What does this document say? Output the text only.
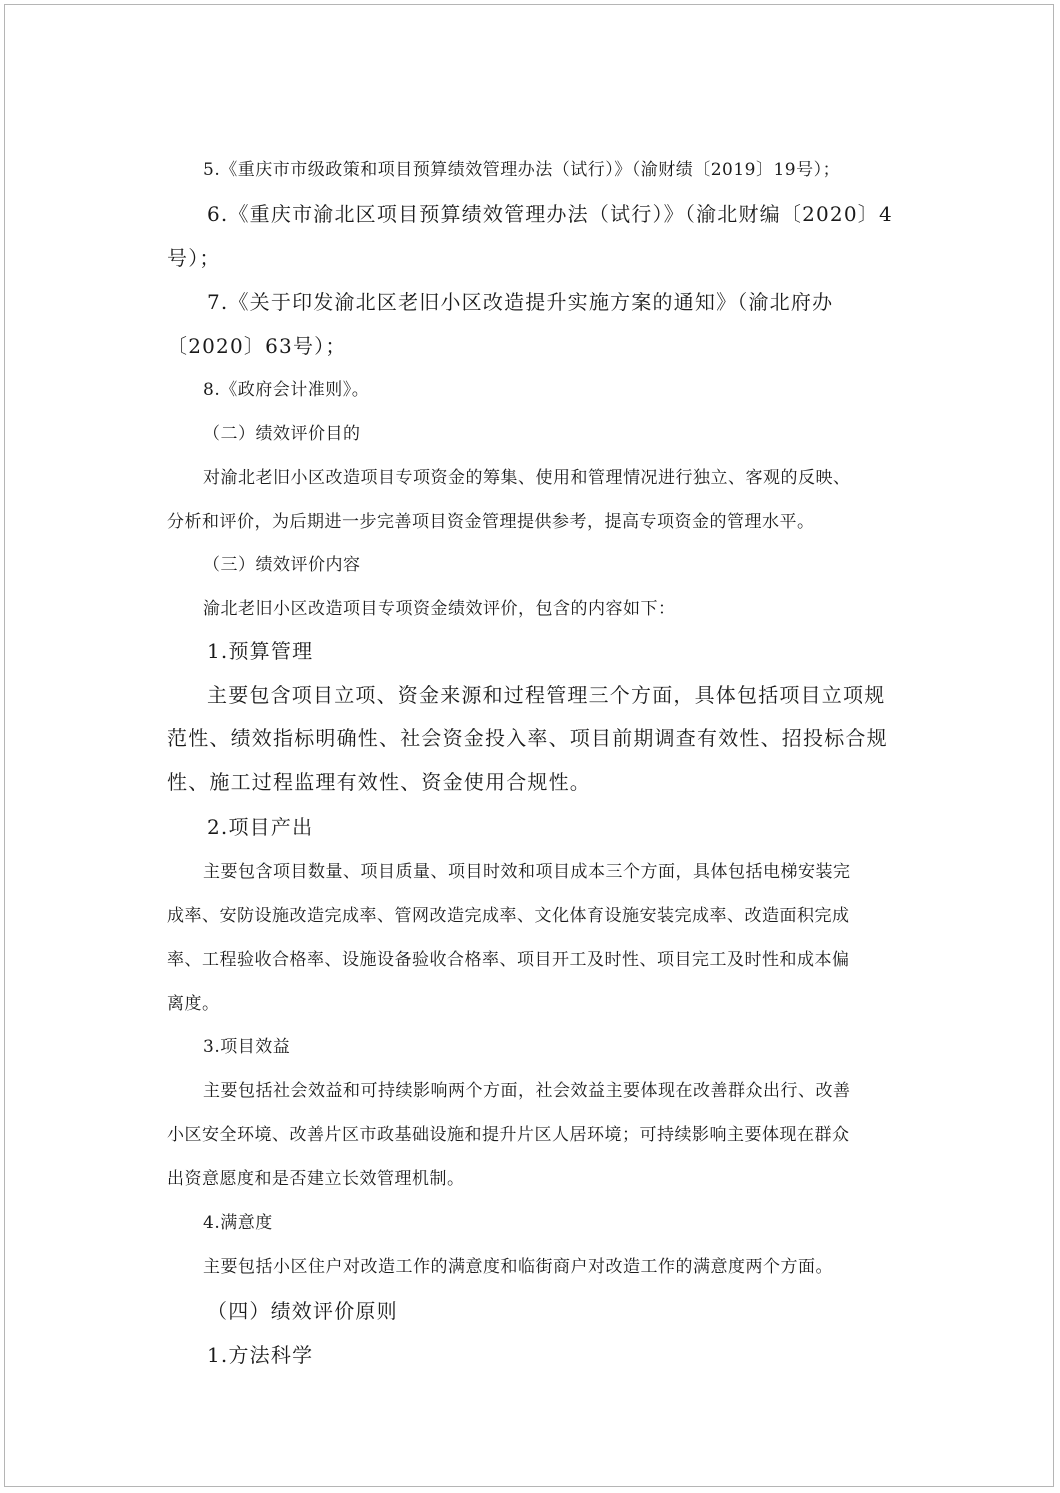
5.《重庆市市级政策和项目预算绩效管理办法（试行）》（渝财绩〔2019〕19号）；

6.《重庆市渝北区项目预算绩效管理办法（试行）》（渝北财编〔2020〕4

号）；

7.《关于印发渝北区老旧小区改造提升实施方案的通知》（渝北府办

〔2020〕63号）；

8.《政府会计准则》。

（二）绩效评价目的

对渝北老旧小区改造项目专项资金的筹集、使用和管理情况进行独立、客观的反映、

分析和评价，为后期进一步完善项目资金管理提供参考，提高专项资金的管理水平。

（三）绩效评价内容

渝北老旧小区改造项目专项资金绩效评价，包含的内容如下：

1.预算管理

主要包含项目立项、资金来源和过程管理三个方面，具体包括项目立项规

范性、绩效指标明确性、社会资金投入率、项目前期调查有效性、招投标合规

性、施工过程监理有效性、资金使用合规性。

2.项目产出

主要包含项目数量、项目质量、项目时效和项目成本三个方面，具体包括电梯安装完

成率、安防设施改造完成率、管网改造完成率、文化体育设施安装完成率、改造面积完成

率、工程验收合格率、设施设备验收合格率、项目开工及时性、项目完工及时性和成本偏

离度。

3.项目效益

主要包括社会效益和可持续影响两个方面，社会效益主要体现在改善群众出行、改善

小区安全环境、改善片区市政基础设施和提升片区人居环境；可持续影响主要体现在群众

出资意愿度和是否建立长效管理机制。

4.满意度

主要包括小区住户对改造工作的满意度和临街商户对改造工作的满意度两个方面。

（四）绩效评价原则

1.方法科学
